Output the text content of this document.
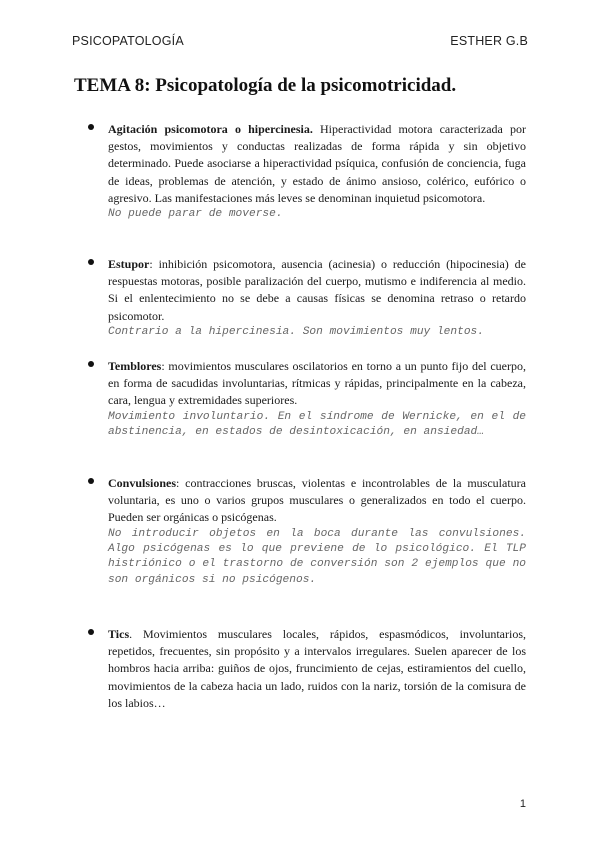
PSICOPATOLOGÍA	ESTHER G.B
TEMA 8: Psicopatología de la psicomotricidad.

Agitación psicomotora o hipercinesia. Hiperactividad motora caracterizada por gestos, movimientos y conductas realizadas de forma rápida y sin objetivo determinado. Puede asociarse a hiperactividad psíquica, confusión de conciencia, fuga de ideas, problemas de atención, y estado de ánimo ansioso, colérico, eufórico o agresivo. Las manifestaciones más leves se denominan inquietud psicomotora.

No puede parar de moverse.

Estupor: inhibición psicomotora, ausencia (acinesia) o reducción (hipocinesia) de respuestas motoras, posible paralización del cuerpo, mutismo e indiferencia al medio. Si el enlentecimiento no se debe a causas físicas se denomina retraso o retardo psicomotor.

Contrario a la hipercinesia. Son movimientos muy lentos.

Temblores: movimientos musculares oscilatorios en torno a un punto fijo del cuerpo, en forma de sacudidas involuntarias, rítmicas y rápidas, principalmente en la cabeza, cara, lengua y extremidades superiores.

Movimiento involuntario. En el síndrome de Wernicke, en el de abstinencia, en estados de desintoxicación, en ansiedad…

Convulsiones: contracciones bruscas, violentas e incontrolables de la musculatura voluntaria, es uno o varios grupos musculares o generalizados en todo el cuerpo. Pueden ser orgánicas o psicógenas.

No introducir objetos en la boca durante las convulsiones. Algo psicógenas es lo que previene de lo psicológico. El TLP histriónico o el trastorno de conversión son 2 ejemplos que no son orgánicos si no psicógenos.

Tics. Movimientos musculares locales, rápidos, espasmódicos, involuntarios, repetidos, frecuentes, sin propósito y a intervalos irregulares. Suelen aparecer de los hombros hacia arriba: guiños de ojos, fruncimiento de cejas, estiramientos del cuello, movimientos de la cabeza hacia un lado, ruidos con la nariz, torsión de la comisura de los labios…

1
